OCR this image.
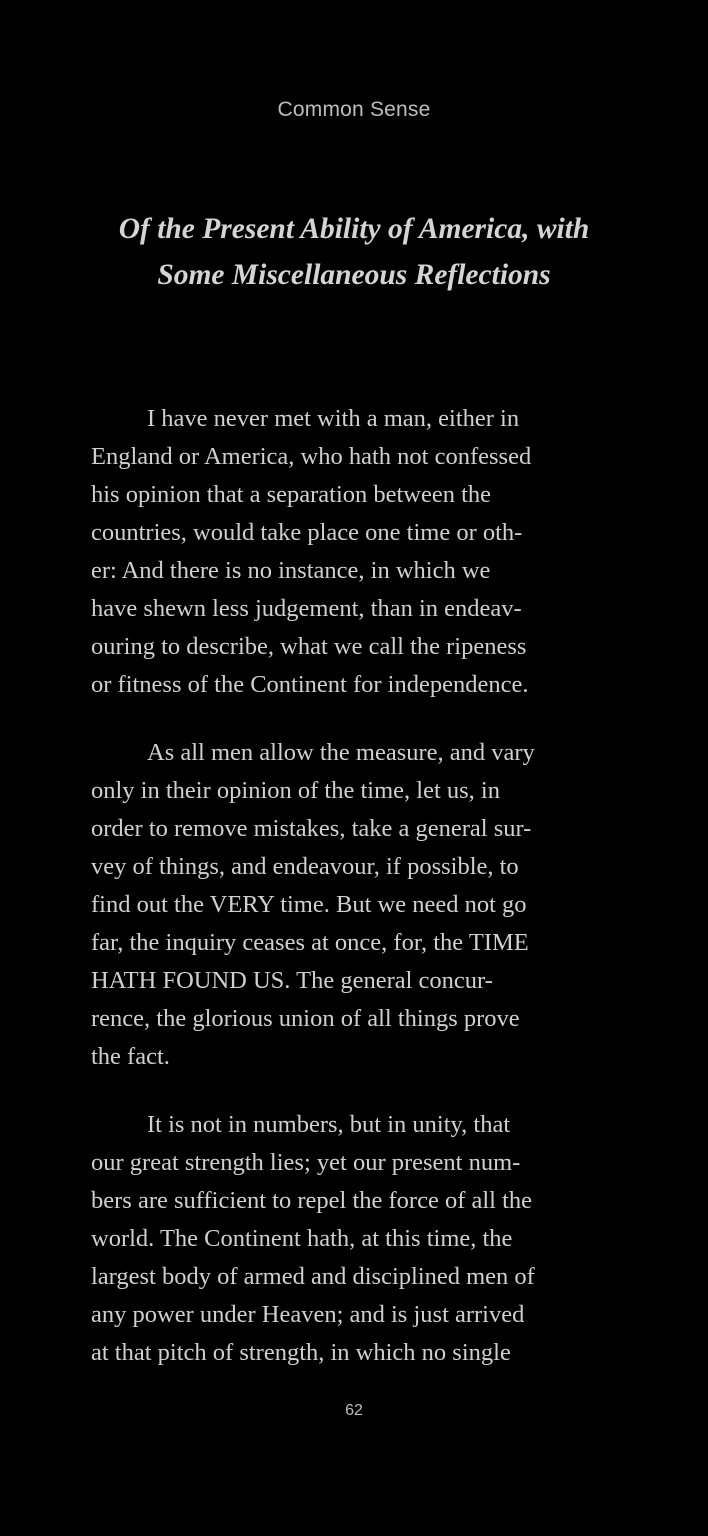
Common Sense
Of the Present Ability of America, with
Some Miscellaneous Reflections

I have never met with a man, either in
England or America, who hath not confessed
his opinion that a separation between the
countries, would take place one time or oth-
er: And there is no instance, in which we
have shewn less judgement, than in endeav-
ouring to describe, what we call the ripeness
or fitness of the Continent for independence.

As all men allow the measure, and vary
only in their opinion of the time, let us, in
order to remove mistakes, take a general sur-
vey of things, and endeavour, if possible, to
find out the VERY time. But we need not go
far, the inquiry ceases at once, for, the TIME
HATH FOUND US. The general concur-
rence, the glorious union of all things prove
the fact.

It is not in numbers, but in unity, that
our great strength lies; yet our present num-
bers are sufficient to repel the force of all the
world. The Continent hath, at this time, the
largest body of armed and disciplined men of
any power under Heaven; and is just arrived
at that pitch of strength, in which no single

62
